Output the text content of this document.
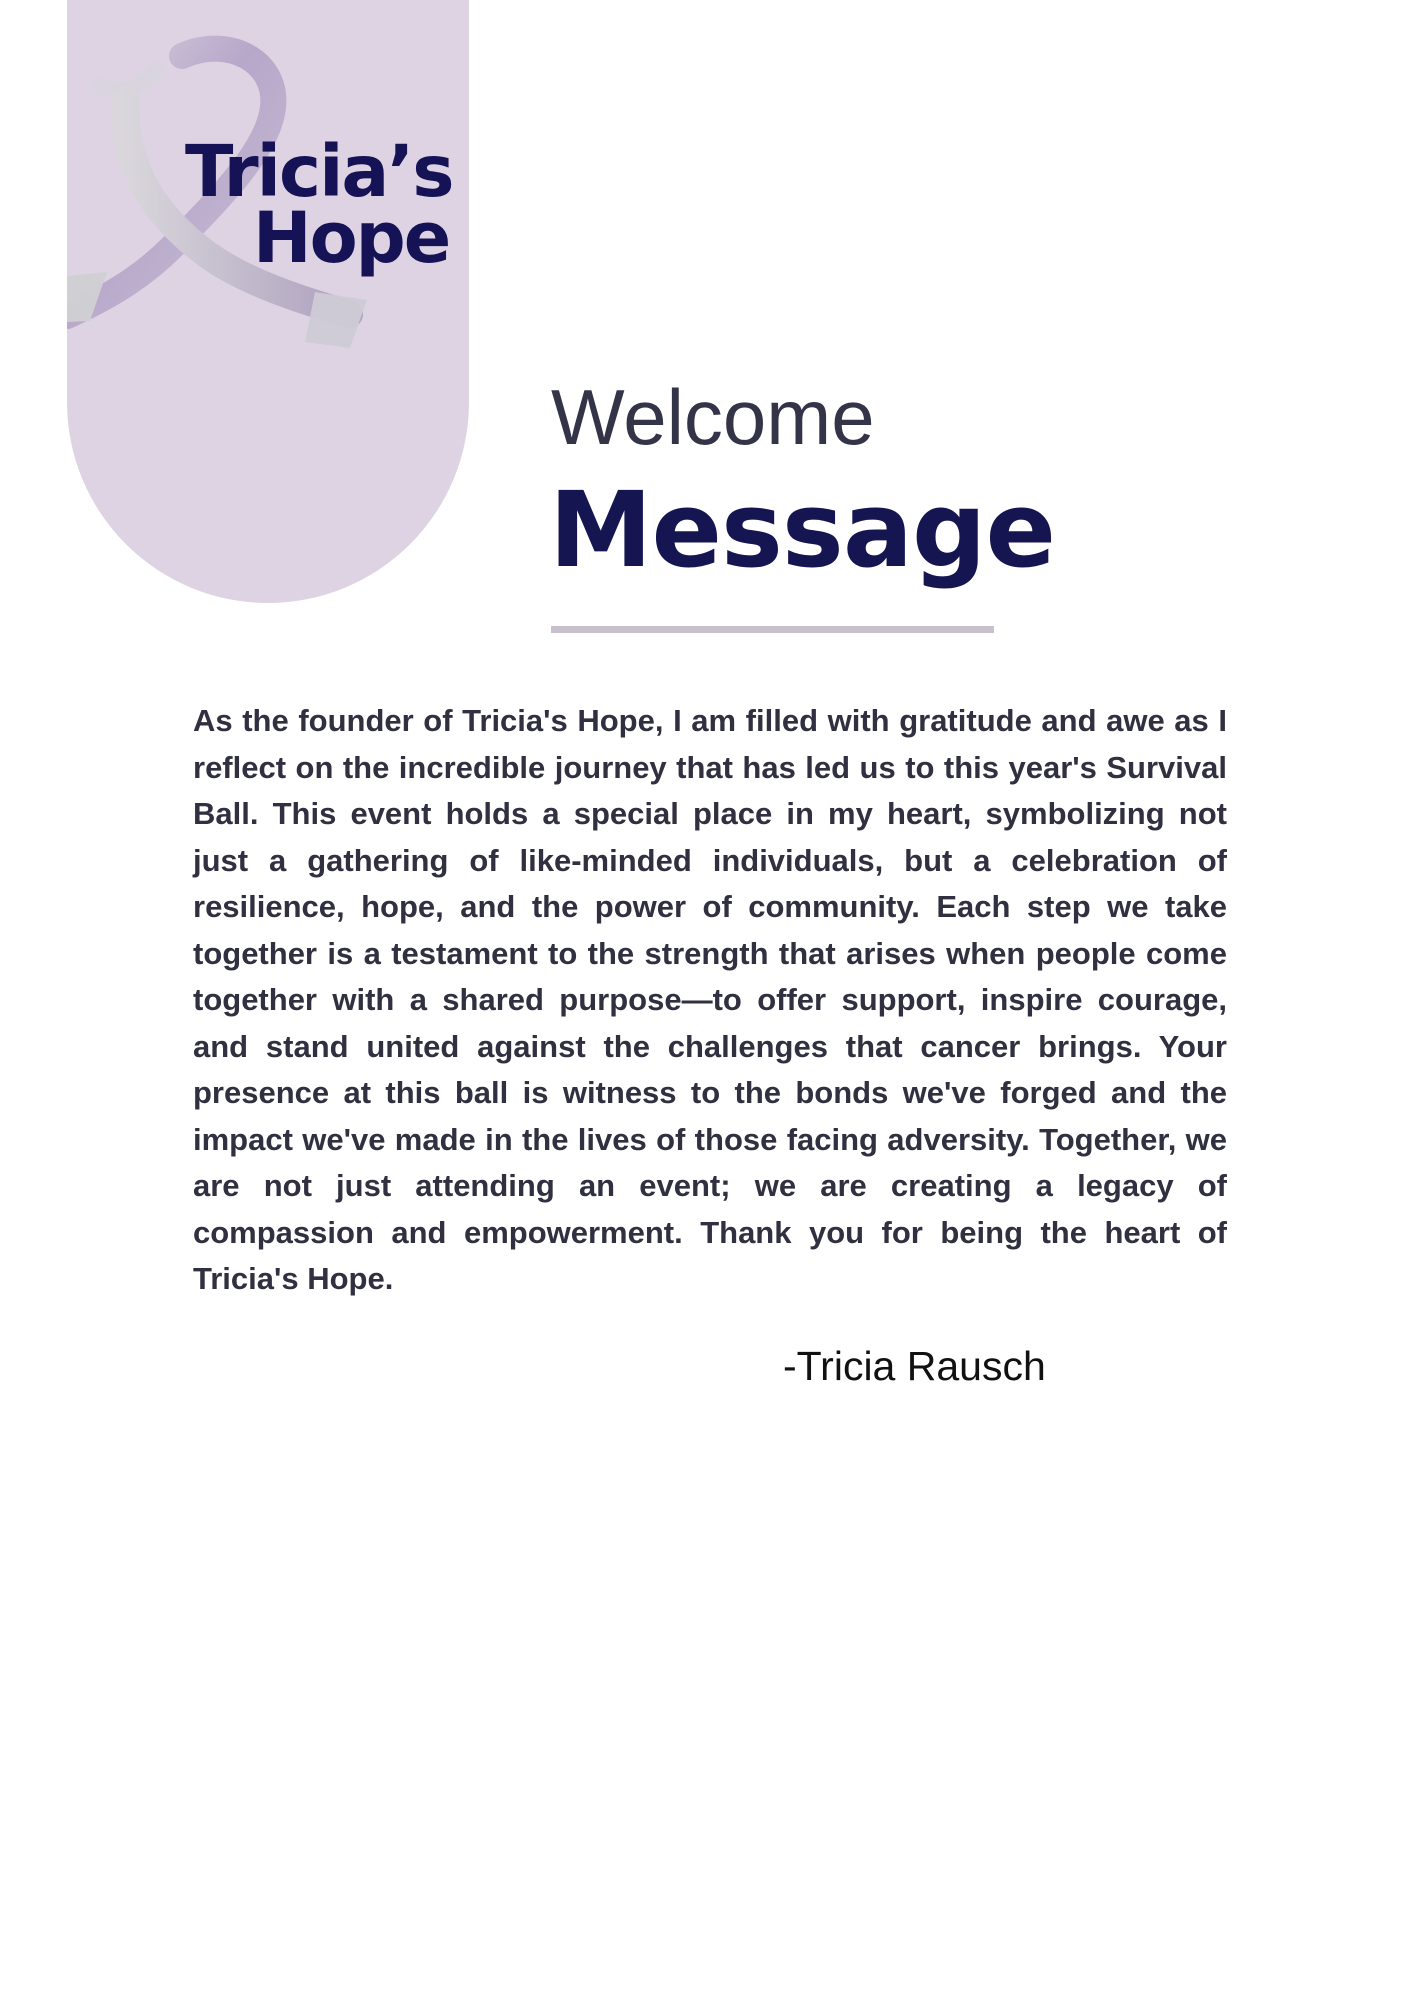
Tricia’s
Hope
Welcome
Message

As the founder of Tricia's Hope, I am filled with gratitude and awe as I reflect on the incredible journey that has led us to this year's Survival Ball. This event holds a special place in my heart, symbolizing not just a gathering of like-minded individuals, but a celebration of resilience, hope, and the power of community. Each step we take together is a testament to the strength that arises when people come together with a shared purpose—to offer support, inspire courage, and stand united against the challenges that cancer brings. Your presence at this ball is witness to the bonds we've forged and the impact we've made in the lives of those facing adversity. Together, we are not just attending an event; we are creating a legacy of compassion and empowerment. Thank you for being the heart of Tricia's Hope.

-Tricia Rausch
